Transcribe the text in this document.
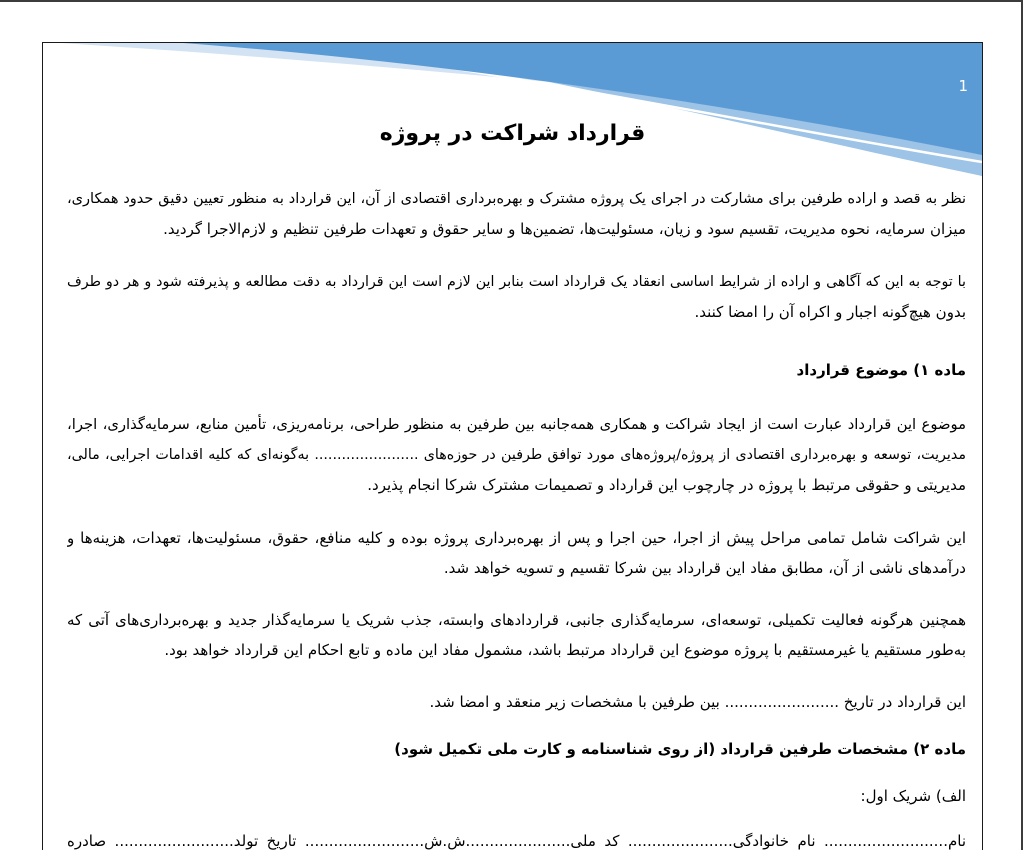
1
قرارداد شراکت در پروژه
نظر به قصد و اراده طرفین برای مشارکت در اجرای یک پروژه مشترک و بهره‌برداری اقتصادی از آن، این قرارداد به منظور تعیین دقیق حدود همکاری،
میزان سرمایه، نحوه مدیریت، تقسیم سود و زیان، مسئولیت‌ها، تضمین‌ها و سایر حقوق و تعهدات طرفین تنظیم و لازم‌الاجرا گردید.
با توجه به این که آگاهی و اراده از شرایط اساسی انعقاد یک قرارداد است بنابر این لازم است این قرارداد به دقت مطالعه و پذیرفته شود و هر دو طرف
بدون هیچ‌گونه اجبار و اکراه آن را امضا کنند.
ماده ۱) موضوع قرارداد
موضوع این قرارداد عبارت است از ایجاد شراکت و همکاری همه‌جانبه بین طرفین به منظور طراحی، برنامه‌ریزی، تأمین منابع، سرمایه‌گذاری، اجرا،
مدیریت، توسعه و بهره‌برداری اقتصادی از پروژه/پروژه‌های مورد توافق طرفین در حوزه‌های ....................... به‌گونه‌ای که کلیه اقدامات اجرایی، مالی،
مدیریتی و حقوقی مرتبط با پروژه در چارچوب این قرارداد و تصمیمات مشترک شرکا انجام پذیرد.
این شراکت شامل تمامی مراحل پیش از اجرا، حین اجرا و پس از بهره‌برداری پروژه بوده و کلیه منافع، حقوق، مسئولیت‌ها، تعهدات، هزینه‌ها و
درآمدهای ناشی از آن، مطابق مفاد این قرارداد بین شرکا تقسیم و تسویه خواهد شد.
همچنین هرگونه فعالیت تکمیلی، توسعه‌ای، سرمایه‌گذاری جانبی، قراردادهای وابسته، جذب شریک یا سرمایه‌گذار جدید و بهره‌برداری‌های آتی که
به‌طور مستقیم یا غیرمستقیم با پروژه موضوع این قرارداد مرتبط باشد، مشمول مفاد این ماده و تابع احکام این قرارداد خواهد بود.
این قرارداد در تاریخ ........................ بین طرفین با مشخصات زیر منعقد و امضا شد.
ماده ۲) مشخصات طرفین قرارداد (از روی شناسنامه و کارت ملی تکمیل شود)
الف) شریک اول:
نام.......................... نام خانوادگی...................... کد ملی......................ش.ش......................... تاریخ تولد......................... صادره
